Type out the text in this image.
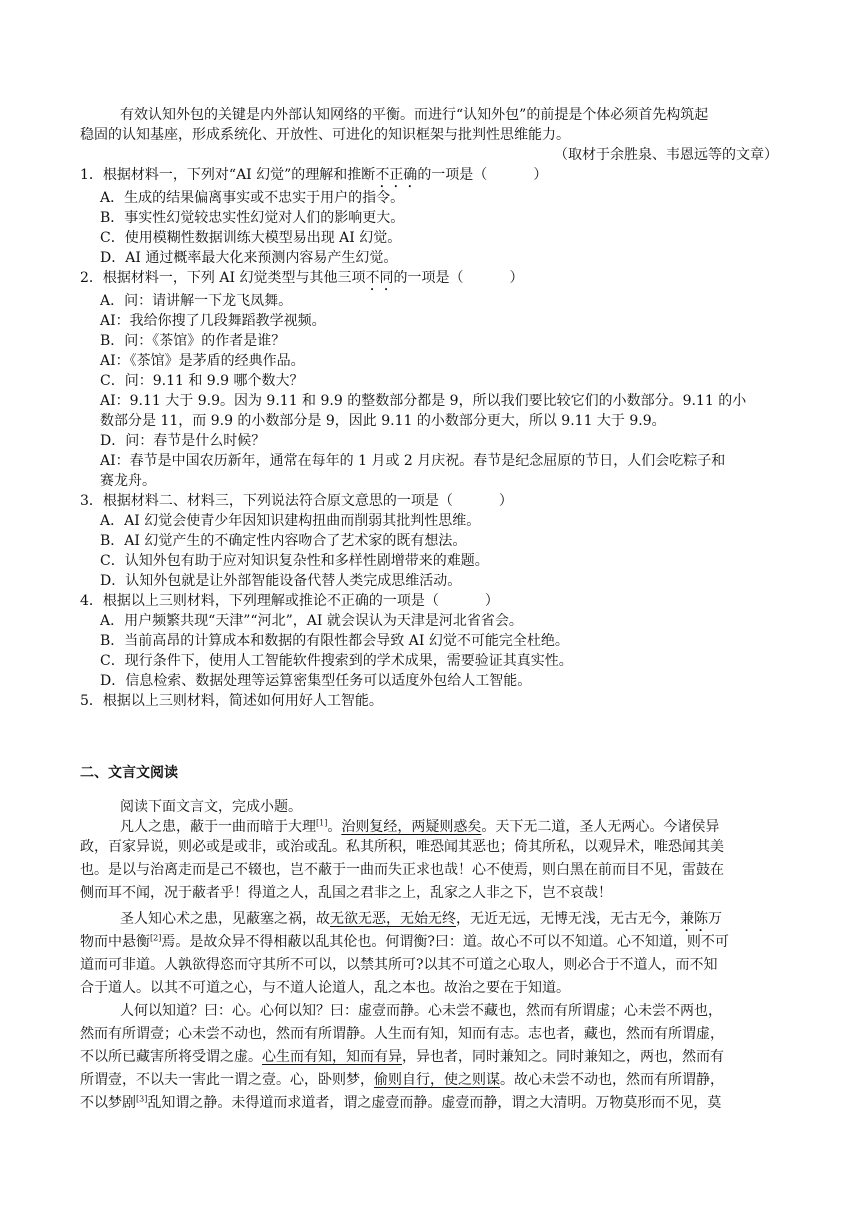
有效认知外包的关键是内外部认知网络的平衡。而进行“认知外包”的前提是个体必须首先构筑起
稳固的认知基座，形成系统化、开放性、可进化的知识框架与批判性思维能力。
（取材于余胜泉、韦恩远等的文章）
1．根据材料一，下列对“AI 幻觉”的理解和推断不正确的一项是（	）
A．生成的结果偏离事实或不忠实于用户的指令。
B．事实性幻觉较忠实性幻觉对人们的影响更大。
C．使用模糊性数据训练大模型易出现 AI 幻觉。
D．AI 通过概率最大化来预测内容易产生幻觉。
2．根据材料一，下列 AI 幻觉类型与其他三项不同的一项是（	）
A．问：请讲解一下龙飞凤舞。
AI：我给你搜了几段舞蹈教学视频。
B．问：《茶馆》的作者是谁？
AI：《茶馆》是茅盾的经典作品。
C．问：9.11 和 9.9 哪个数大？
AI：9.11 大于 9.9。因为 9.11 和 9.9 的整数部分都是 9，所以我们要比较它们的小数部分。9.11 的小
数部分是 11，而 9.9 的小数部分是 9，因此 9.11 的小数部分更大，所以 9.11 大于 9.9。
D．问：春节是什么时候？
AI：春节是中国农历新年，通常在每年的 1 月或 2 月庆祝。春节是纪念屈原的节日，人们会吃粽子和
赛龙舟。
3．根据材料二、材料三，下列说法符合原文意思的一项是（	）
A．AI 幻觉会使青少年因知识建构扭曲而削弱其批判性思维。
B．AI 幻觉产生的不确定性内容吻合了艺术家的既有想法。
C．认知外包有助于应对知识复杂性和多样性剧增带来的难题。
D．认知外包就是让外部智能设备代替人类完成思维活动。
4．根据以上三则材料，下列理解或推论不正确的一项是（	）
A．用户频繁共现“天津”“河北”，AI 就会误认为天津是河北省省会。
B．当前高昂的计算成本和数据的有限性都会导致 AI 幻觉不可能完全杜绝。
C．现行条件下，使用人工智能软件搜索到的学术成果，需要验证其真实性。
D．信息检索、数据处理等运算密集型任务可以适度外包给人工智能。
5．根据以上三则材料，简述如何用好人工智能。
二、文言文阅读
阅读下面文言文，完成小题。
凡人之患，蔽于一曲而暗于大理[1]。治则复经，两疑则惑矣。天下无二道，圣人无两心。今诸侯异
政，百家异说，则必或是或非，或治或乱。私其所积，唯恐闻其恶也；倚其所私，以观异术，唯恐闻其美
也。是以与治离走而是己不辍也，岂不蔽于一曲而失正求也哉！心不使焉，则白黑在前而目不见，雷鼓在
侧而耳不闻，况于蔽者乎！得道之人，乱国之君非之上，乱家之人非之下，岂不哀哉！
圣人知心术之患，见蔽塞之祸，故无欲无恶，无始无终，无近无远，无博无浅，无古无今，兼陈万
物而中悬衡[2]焉。是故众异不得相蔽以乱其伦也。何谓衡?曰：道。故心不可以不知道。心不知道，则不可
道而可非道。人孰欲得恣而守其所不可以，以禁其所可?以其不可道之心取人，则必合于不道人，而不知
合于道人。以其不可道之心，与不道人论道人，乱之本也。故治之要在于知道。
人何以知道？曰：心。心何以知？曰：虚壹而静。心未尝不藏也，然而有所谓虚；心未尝不两也，
然而有所谓壹；心未尝不动也，然而有所谓静。人生而有知，知而有志。志也者，藏也，然而有所谓虚，
不以所已藏害所将受谓之虚。心生而有知，知而有异，异也者，同时兼知之。同时兼知之，两也，然而有
所谓壹，不以夫一害此一谓之壹。心，卧则梦，偷则自行，使之则谋。故心未尝不动也，然而有所谓静，
不以梦剧[3]乱知谓之静。未得道而求道者，谓之虚壹而静。虚壹而静，谓之大清明。万物莫形而不见，莫
